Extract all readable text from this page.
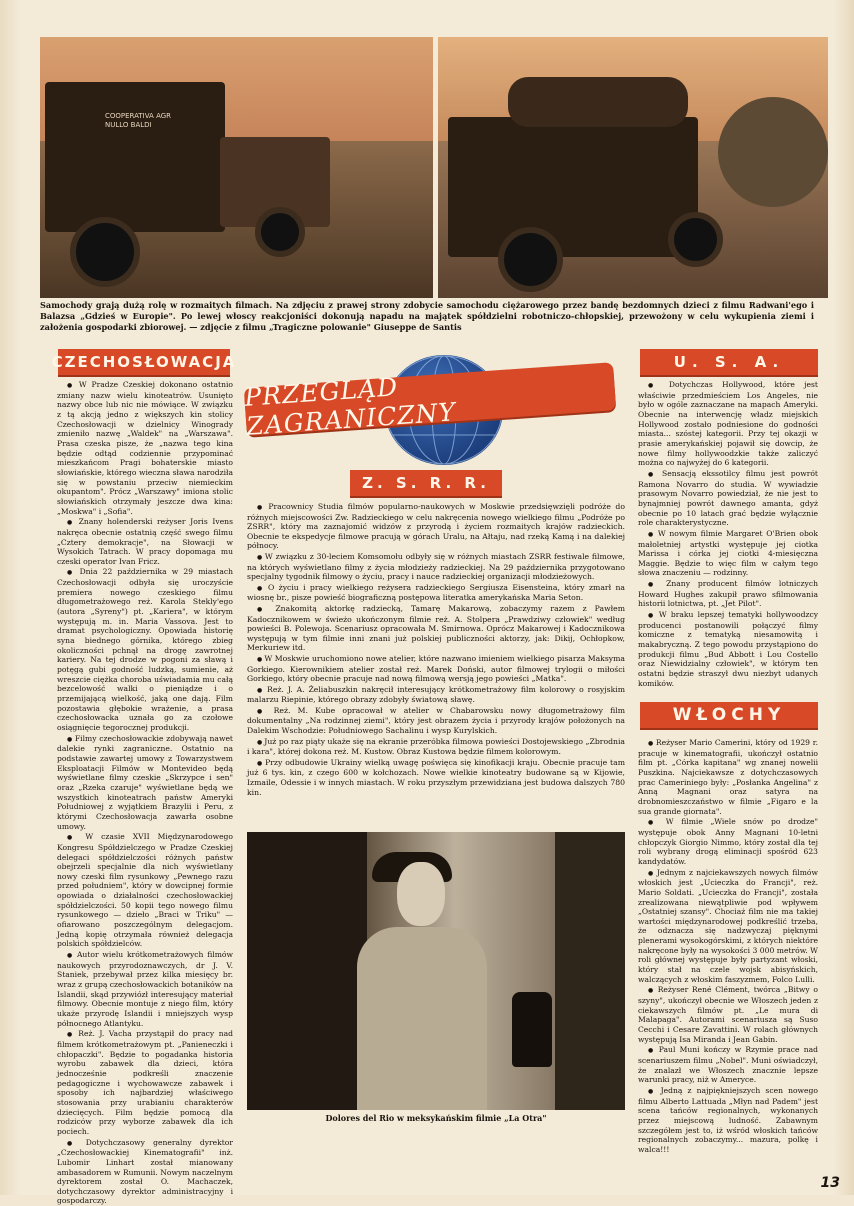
COOPERATIVA AGR NULLO BALDI
Samochody grają dużą rolę w rozmaitych filmach. Na zdjęciu z prawej strony zdobycie samochodu ciężarowego przez bandę bezdomnych dzieci z filmu Radwani'ego i Balazsa „Gdzieś w Europie". Po lewej włoscy reakcjoniści dokonują napadu na majątek spółdzielni robotniczo-chłopskiej, przewożony w celu wykupienia ziemi i założenia gospodarki zbiorowej. — zdjęcie z filmu „Tragiczne polowanie" Giuseppe de Santis
CZECHOSŁOWACJA	U. S. A.
Z. S. R. R.
WŁOCHY
PRZEGLĄD ZAGRANICZNY

● W Pradze Czeskiej dokonano ostatnio zmiany nazw wielu kinoteatrów. Usunięto nazwy obce lub nic nie mówiące. W związku z tą akcją jedno z większych kin stolicy Czechosłowacji w dzielnicy Winogrady zmieniło nazwę „Waldek" na „Warszawa". Prasa czeska pisze, że „nazwa tego kina będzie odtąd codziennie przypominać mieszkańcom Pragi bohaterskie miasto słowiańskie, którego wieczna sława narodziła się w powstaniu przeciw niemieckim okupantom". Prócz „Warszawy" imiona stolic słowiańskich otrzymały jeszcze dwa kina: „Moskwa" i „Sofia".

● Znany holenderski reżyser Joris Ivens nakręca obecnie ostatnią część swego filmu „Cztery demokracje", na Słowacji w Wysokich Tatrach. W pracy dopomaga mu czeski operator Ivan Fricz.

● Dnia 22 października w 29 miastach Czechosłowacji odbyła się uroczyście premiera nowego czeskiego filmu długometrażowego reż. Karola Stekly'ego (autora „Syreny") pt. „Kariera", w którym występują m. in. Maria Vassova. Jest to dramat psychologiczny. Opowiada historię syna biednego górnika, którego zbieg okoliczności pchnął na drogę zawrotnej kariery. Na tej drodze w pogoni za sławą i potęgą gubi godność ludzką, sumienie, aż wreszcie ciężka choroba uświadamia mu całą bezcelowość walki o pieniądze i o przemijającą wielkość, jaką one dają. Film pozostawia głębokie wrażenie, a prasa czechosłowacka uznała go za czołowe osiągnięcie tegorocznej produkcji.

● Filmy czechosłowackie zdobywają nawet dalekie rynki zagraniczne. Ostatnio na podstawie zawartej umowy z Towarzystwem Eksploatacji Filmów w Montevideo będą wyświetlane filmy czeskie „Skrzypce i sen" oraz „Rzeka czaruje" wyświetlane będą we wszystkich kinoteatrach państw Ameryki Południowej z wyjątkiem Brazylii i Peru, z którymi Czechosłowacja zawarła osobne umowy.

● W czasie XVII Międzynarodowego Kongresu Spółdzielczego w Pradze Czeskiej delegaci spółdzielczości różnych państw obejrzeli specjalnie dla nich wyświetlany nowy czeski film rysunkowy „Pewnego razu przed południem", który w dowcipnej formie opowiada o działalności czechosłowackiej spółdzielczości. 50 kopii tego nowego filmu rysunkowego — dzieło „Braci w Triku" — ofiarowano poszczególnym delegacjom. Jedną kopię otrzymała również delegacja polskich spółdzielców.

● Autor wielu krótkometrażowych filmów naukowych przyrodoznawczych, dr J. V. Staniek, przebywał przez kilka miesięcy br. wraz z grupą czechosłowackich botaników na Islandii, skąd przywiózł interesujący materiał filmowy. Obecnie montuje z niego film, który ukaże przyrodę Islandii i mniejszych wysp północnego Atlantyku.

● Reż. J. Vacha przystąpił do pracy nad filmem krótkometrażowym pt. „Panieneczki i chłopaczki". Będzie to pogadanka historia wyrobu zabawek dla dzieci, która jednocześnie podkreśli znaczenie pedagogiczne i wychowawcze zabawek i sposoby ich najbardziej właściwego stosowania przy urabianiu charakterów dziecięcych. Film będzie pomocą dla rodziców przy wyborze zabawek dla ich pociech.

● Dotychczasowy generalny dyrektor „Czechosłowackiej Kinematografii" inż. Lubomir Linhart został mianowany ambasadorem w Rumunii. Nowym naczelnym dyrektorem został O. Machaczek, dotychczasowy dyrektor administracyjny i gospodarczy.

● Pracownicy Studia filmów popularno-naukowych w Moskwie przedsięwzięli podróże do różnych miejscowości Zw. Radzieckiego w celu nakręcenia nowego wielkiego filmu „Podróże po ZSRR", który ma zaznajomić widzów z przyrodą i życiem rozmaitych krajów radzieckich. Obecnie te ekspedycje filmowe pracują w górach Uralu, na Ałtaju, nad rzeką Kamą i na dalekiej północy.

● W związku z 30-leciem Komsomołu odbyły się w różnych miastach ZSRR festiwale filmowe, na których wyświetlano filmy z życia młodzieży radzieckiej. Na 29 października przygotowano specjalny tygodnik filmowy o życiu, pracy i nauce radzieckiej organizacji młodzieżowych.

● O życiu i pracy wielkiego reżysera radzieckiego Sergiusza Eisensteina, który zmarł na wiosnę br., pisze powieść biograficzną postępowa literatka amerykańska Maria Seton.

● Znakomitą aktorkę radziecką, Tamarę Makarową, zobaczymy razem z Pawłem Kadocznikowem w świeżo ukończonym filmie reż. A. Stolpera „Prawdziwy człowiek" według powieści B. Polewoja. Scenariusz opracowała M. Smirnowa. Oprócz Makarowej i Kadocznikowa występują w tym filmie inni znani już polskiej publiczności aktorzy, jak: Dikij, Ochłopkow, Merkuriew itd.

● W Moskwie uruchomiono nowe atelier, które nazwano imieniem wielkiego pisarza Maksyma Gorkiego. Kierownikiem atelier został reż. Marek Doński, autor filmowej trylogii o miłości Gorkiego, który obecnie pracuje nad nową filmową wersją jego powieści „Matka".

● Reż. J. A. Żeliabuszkin nakręcił interesujący krótkometrażowy film kolorowy o rosyjskim malarzu Riepinie, którego obrazy zdobyły światową sławę.

● Reż. M. Kube opracował w atelier w Chabarowsku nowy długometrażowy film dokumentalny „Na rodzinnej ziemi", który jest obrazem życia i przyrody krajów położonych na Dalekim Wschodzie: Południowego Sachalinu i wysp Kurylskich.

● Już po raz piąty ukaże się na ekranie przeróbka filmowa powieści Dostojewskiego „Zbrodnia i kara", której dokona reż. M. Kustow. Obraz Kustowa będzie filmem kolorowym.

● Przy odbudowie Ukrainy wielką uwagę poświęca się kinofikacji kraju. Obecnie pracuje tam już 6 tys. kin, z czego 600 w kołchozach. Nowe wielkie kinoteatry budowane są w Kijowie, Izmaile, Odessie i w innych miastach. W roku przyszłym przewidziana jest budowa dalszych 780 kin.

Dolores del Rio w meksykańskim filmie „La Otra"

● Dotychczas Hollywood, które jest właściwie przedmieściem Los Angeles, nie było w ogóle zaznaczane na mapach Ameryki. Obecnie na interwencję władz miejskich Hollywood zostało podniesione do godności miasta... szóstej kategorii. Przy tej okazji w prasie amerykańskiej pojawił się dowcip, że nowe filmy hollywoodzkie także zaliczyć można co najwyżej do 6 kategorii.

● Sensacją ekssotilcy filmu jest powrót Ramona Novarro do studia. W wywiadzie prasowym Novarro powiedział, że nie jest to bynajmniej powrót dawnego amanta, gdyż obecnie po 10 latach grać będzie wyłącznie role charakterystyczne.

● W nowym filmie Margaret O'Brien obok małoletniej artystki występuje jej ciotka Marissa i córka jej ciotki 4-miesięczna Maggie. Będzie to więc film w całym tego słowa znaczeniu — rodzinny.

● Znany producent filmów lotniczych Howard Hughes zakupił prawo sfilmowania historii lotnictwa, pt. „Jet Pilot".

● W braku lepszej tematyki hollywoodzcy producenci postanowili połączyć filmy komiczne z tematyką niesamowitą i makabryczną. Z tego powodu przystąpiono do produkcji filmu „Bud Abbott i Lou Costello oraz Niewidzialny człowiek", w którym ten ostatni będzie straszył dwu niezbyt udanych komików.

● Reżyser Mario Camerini, który od 1929 r. pracuje w kinematografii, ukończył ostatnio film pt. „Córka kapitana" wg znanej nowelii Puszkina. Najciekawsze z dotychczasowych prac Cameriniego były: „Posłanka Angelina" z Anną Magnani oraz satyra na drobnomieszczaństwo w filmie „Figaro e la sua grande giornata".

● W filmie „Wiele snów po drodze" występuje obok Anny Magnani 10-letni chłopczyk Giorgio Nimmo, który został dla tej roli wybrany drogą eliminacji spośród 623 kandydatów.

● Jednym z najciekawszych nowych filmów włoskich jest „Ucieczka do Francji", reż. Mario Soldati. „Ucieczka do Francji", została zrealizowana niewątpliwie pod wpływem „Ostatniej szansy". Chociaż film nie ma takiej wartości międzynarodowej podkreślić trzeba, że odznacza się nadzwyczaj pięknymi plenerami wysokogórskimi, z których niektóre nakręcone były na wysokości 3 000 metrów. W roli głównej występuje były partyzant włoski, który stał na czele wojsk abisyńskich, walczących z włoskim faszyzmem, Folco Lulli.

● Reżyser René Clément, twórca „Bitwy o szyny", ukończył obecnie we Włoszech jeden z ciekawszych filmów pt. „Le mura di Malapaga". Autorami scenariusza są Suso Cecchi i Cesare Zavattini. W rolach głównych występują Isa Miranda i Jean Gabin.

● Paul Muni kończy w Rzymie prace nad scenariuszem filmu „Nobel". Muni oświadczył, że znalazł we Włoszech znacznie lepsze warunki pracy, niż w Ameryce.

● Jedną z najpiękniejszych scen nowego filmu Alberto Lattuada „Młyn nad Padem" jest scena tańców regionalnych, wykonanych przez miejscową ludność. Zabawnym szczegółem jest to, iż wśród włoskich tańców regionalnych zobaczymy... mazura, polkę i walca!!!

13
